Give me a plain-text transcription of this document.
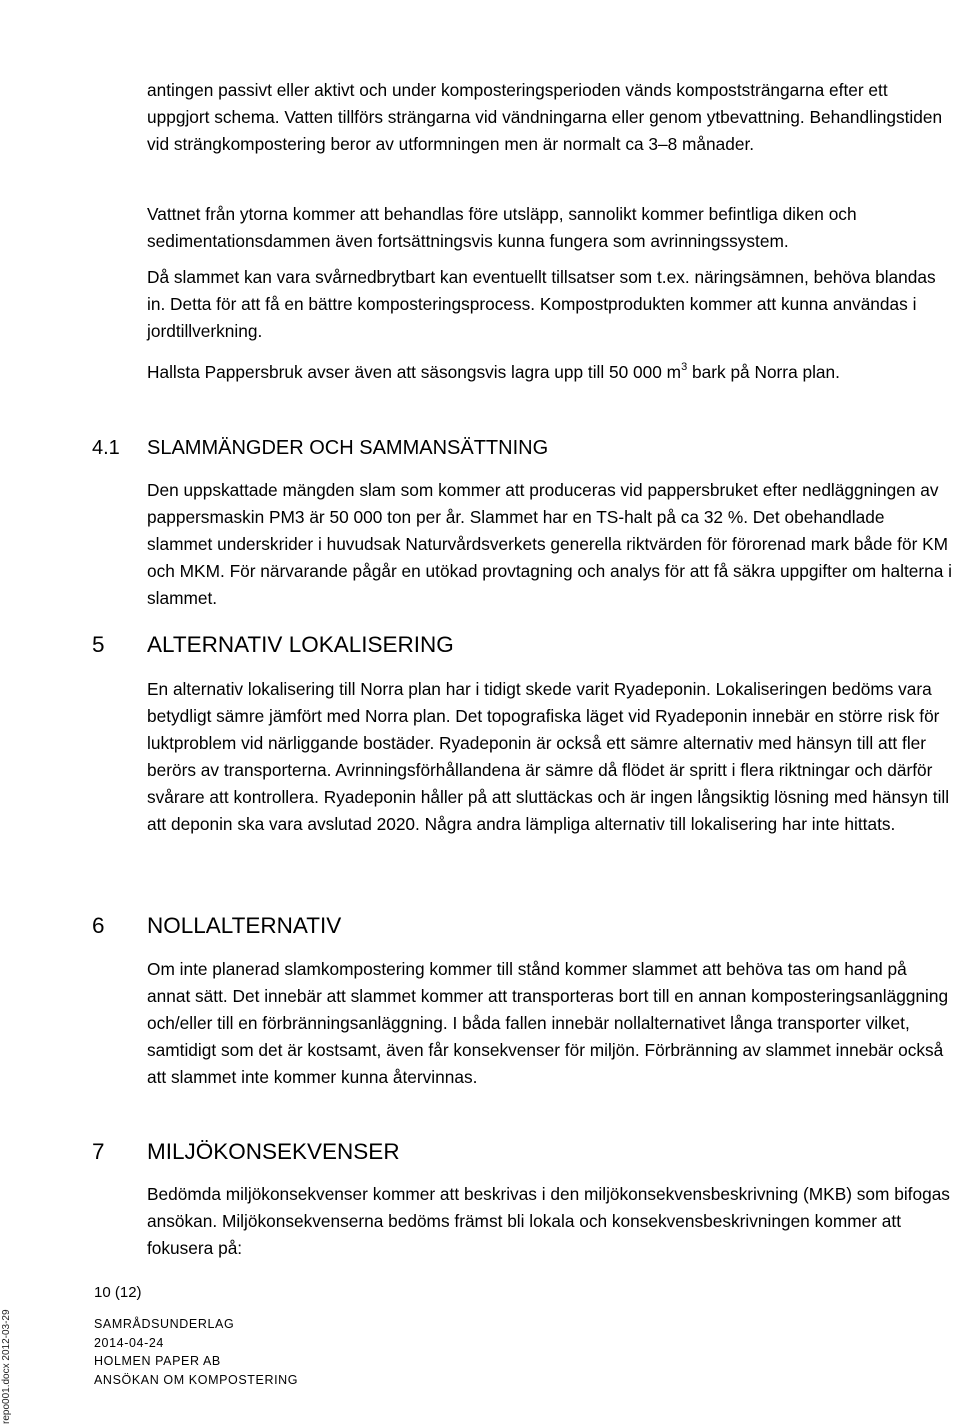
antingen passivt eller aktivt och under komposteringsperioden vänds kompoststrängarna efter ett uppgjort schema. Vatten tillförs strängarna vid vändningarna eller genom ytbevattning. Behandlingstiden vid strängkompostering beror av utformningen men är normalt ca 3–8 månader.

Vattnet från ytorna kommer att behandlas före utsläpp, sannolikt kommer befintliga diken och sedimentationsdammen även fortsättningsvis kunna fungera som avrinningssystem.

Då slammet kan vara svårnedbrytbart kan eventuellt tillsatser som t.ex. näringsämnen, behöva blandas in. Detta för att få en bättre komposteringsprocess. Kompostprodukten kommer att kunna användas i jordtillverkning.

Hallsta Pappersbruk avser även att säsongsvis lagra upp till 50 000 $m^3$ bark på Norra plan.

4.1 SLAMMÄNGDER OCH SAMMANSÄTTNING

Den uppskattade mängden slam som kommer att produceras vid pappersbruket efter nedläggningen av pappersmaskin PM3 är 50 000 ton per år. Slammet har en TS-halt på ca 32 %. Det obehandlade slammet underskrider i huvudsak Naturvårdsverkets generella riktvärden för förorenad mark både för KM och MKM. För närvarande pågår en utökad provtagning och analys för att få säkra uppgifter om halterna i slammet.

5 ALTERNATIV LOKALISERING

En alternativ lokalisering till Norra plan har i tidigt skede varit Ryadeponin. Lokaliseringen bedöms vara betydligt sämre jämfört med Norra plan. Det topografiska läget vid Ryadeponin innebär en större risk för luktproblem vid närliggande bostäder. Ryadeponin är också ett sämre alternativ med hänsyn till att fler berörs av transporterna. Avrinningsförhållandena är sämre då flödet är spritt i flera riktningar och därför svårare att kontrollera. Ryadeponin håller på att sluttäckas och är ingen långsiktig lösning med hänsyn till att deponin ska vara avslutad 2020. Några andra lämpliga alternativ till lokalisering har inte hittats.

6 NOLLALTERNATIV

Om inte planerad slamkompostering kommer till stånd kommer slammet att behöva tas om hand på annat sätt. Det innebär att slammet kommer att transporteras bort till en annan komposteringsanläggning och/eller till en förbränningsanläggning. I båda fallen innebär nollalternativet långa transporter vilket, samtidigt som det är kostsamt, även får konsekvenser för miljön. Förbränning av slammet innebär också att slammet inte kommer kunna återvinnas.

7 MILJÖKONSEKVENSER

Bedömda miljökonsekvenser kommer att beskrivas i den miljökonsekvensbeskrivning (MKB) som bifogas ansökan. Miljökonsekvenserna bedöms främst bli lokala och konsekvensbeskrivningen kommer att fokusera på:

10 (12)

SAMRÅDSUNDERLAG
2014-04-24
HOLMEN PAPER AB
ANSÖKAN OM KOMPOSTERING
repo001.docx 2012-03-29
